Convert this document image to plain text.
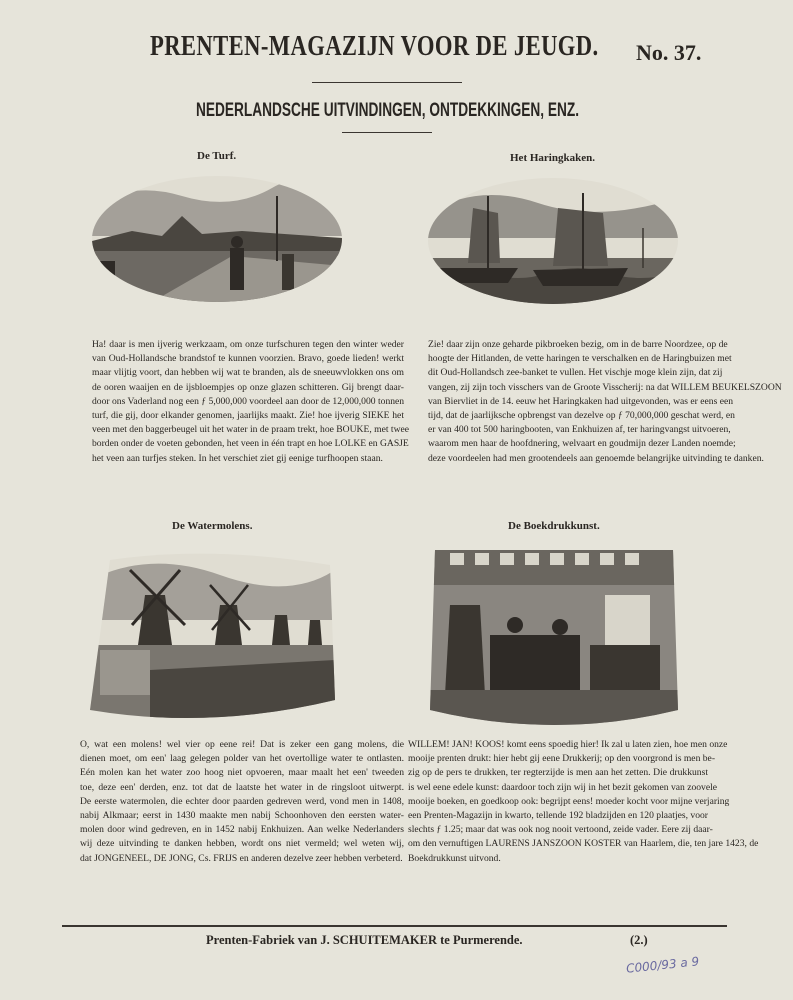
PRENTEN-MAGAZIJN VOOR DE JEUGD. No. 37.
NEDERLANDSCHE UITVINDINGEN, ONTDEKKINGEN, ENZ.
De Turf.
Ha! daar is men ijverig werkzaam, om onze turfschuren tegen den winter weder
van Oud-Hollandsche brandstof te kunnen voorzien. Bravo, goede lieden! werkt
maar vlijtig voort, dan hebben wij wat te branden, als de sneeuwvlokken ons om
de ooren waaijen en de ijsbloempjes op onze glazen schitteren. Gij brengt daar-
door ons Vaderland nog een ƒ 5,000,000 voordeel aan door de 12,000,000 tonnen
turf, die gij, door elkander genomen, jaarlijks maakt. Zie! hoe ijverig SIEKE het
veen met den baggerbeugel uit het water in de praam trekt, hoe BOUKE, met twee
borden onder de voeten gebonden, het veen in één trapt en hoe LOLKE en GASJE
het veen aan turfjes steken. In het verschiet ziet gij eenige turfhoopen staan.
Het Haringkaken.
Zie! daar zijn onze geharde pikbroeken bezig, om in de barre Noordzee, op de
hoogte der Hitlanden, de vette haringen te verschalken en de Haringbuizen met
dit Oud-Hollandsch zee-banket te vullen. Het vischje moge klein zijn, dat zij
vangen, zij zijn toch visschers van de Groote Visscherij: na dat WILLEM BEUKELSZOON
van Biervliet in de 14. eeuw het Haringkaken had uitgevonden, was er eens een
tijd, dat de jaarlijksche opbrengst van dezelve op ƒ 70,000,000 geschat werd, en
er van 400 tot 500 haringbooten, van Enkhuizen af, ter haringvangst uitvoeren,
waarom men haar de hoofdnering, welvaart en goudmijn dezer Landen noemde;
deze voordeelen had men grootendeels aan genoemde belangrijke uitvinding te danken.
De Watermolens.
O, wat een molens! wel vier op eene rei! Dat is zeker een gang molens, die
dienen moet, om een' laag gelegen polder van het overtollige water te ontlasten.
Eén molen kan het water zoo hoog niet opvoeren, maar maalt het een' tweeden
toe, deze een' derden, enz. tot dat de laatste het water in de ringsloot uitwerpt.
De eerste watermolen, die echter door paarden gedreven werd, vond men in 1408,
nabij Alkmaar; eerst in 1430 maakte men nabij Schoonhoven den eersten water-
molen door wind gedreven, en in 1452 nabij Enkhuizen. Aan welke Nederlanders
wij deze uitvinding te danken hebben, wordt ons niet vermeld; wel weten wij,
dat JONGENEEL, DE JONG, Cs. FRIJS en anderen dezelve zeer hebben verbeterd.
De Boekdrukkunst.
WILLEM! JAN! KOOS! komt eens spoedig hier! Ik zal u laten zien, hoe men onze
mooije prenten drukt: hier hebt gij eene Drukkerij; op den voorgrond is men be-
zig op de pers te drukken, ter regterzijde is men aan het zetten. Die drukkunst
is wel eene edele kunst: daardoor toch zijn wij in het bezit gekomen van zoovele
mooije boeken, en goedkoop ook: begrijpt eens! moeder kocht voor mijne verjaring
een Prenten-Magazijn in kwarto, tellende 192 bladzijden en 120 plaatjes, voor
slechts ƒ 1.25; maar dat was ook nog nooit vertoond, zeide vader. Eere zij daar-
om den vernuftigen LAURENS JANSZOON KOSTER van Haarlem, die, ten jare 1423, de
Boekdrukkunst uitvond.
Prenten-Fabriek van J. SCHUITEMAKER te Purmerende.	(2.)
C000/93 a 9
